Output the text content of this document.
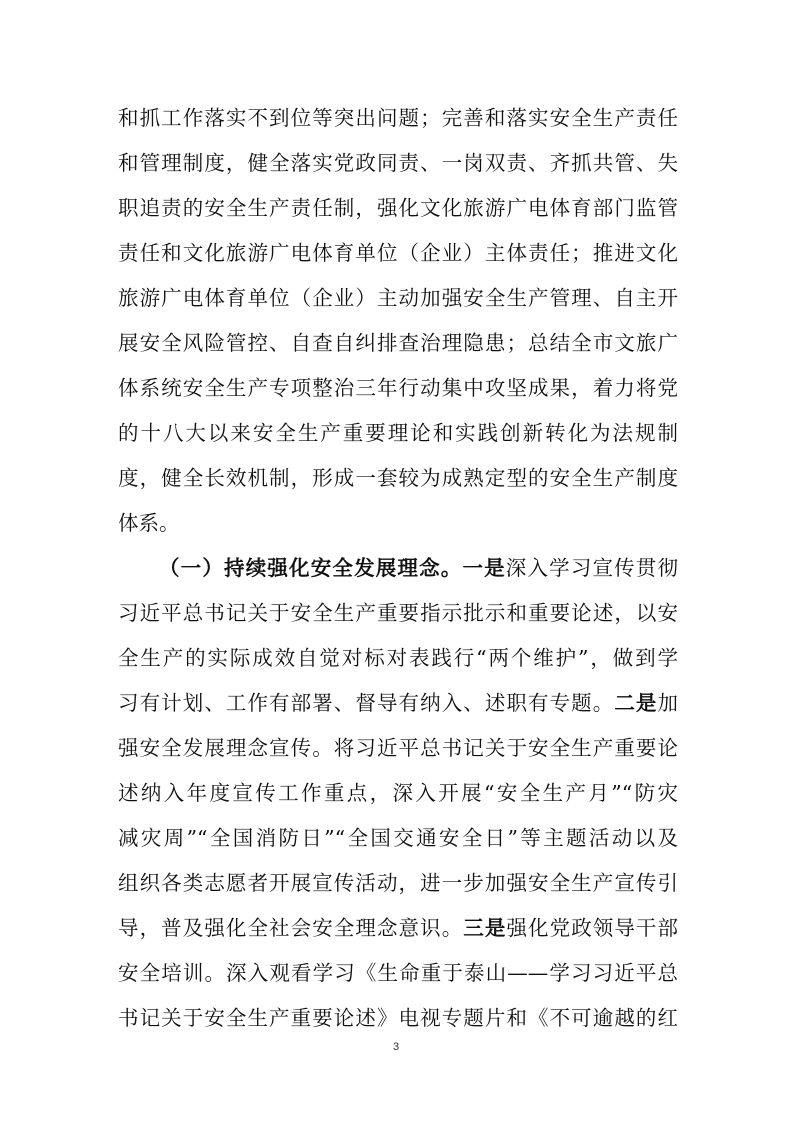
和抓工作落实不到位等突出问题；完善和落实安全生产责任
和管理制度，健全落实党政同责、一岗双责、齐抓共管、失
职追责的安全生产责任制，强化文化旅游广电体育部门监管
责任和文化旅游广电体育单位（企业）主体责任；推进文化
旅游广电体育单位（企业）主动加强安全生产管理、自主开
展安全风险管控、自查自纠排查治理隐患；总结全市文旅广
体系统安全生产专项整治三年行动集中攻坚成果，着力将党
的十八大以来安全生产重要理论和实践创新转化为法规制
度，健全长效机制，形成一套较为成熟定型的安全生产制度
体系。
（一）持续强化安全发展理念。一是深入学习宣传贯彻
习近平总书记关于安全生产重要指示批示和重要论述，以安
全生产的实际成效自觉对标对表践行“两个维护”，做到学
习有计划、工作有部署、督导有纳入、述职有专题。二是加
强安全发展理念宣传。将习近平总书记关于安全生产重要论
述纳入年度宣传工作重点，深入开展“安全生产月”“防灾
减灾周”“全国消防日”“全国交通安全日”等主题活动以及
组织各类志愿者开展宣传活动，进一步加强安全生产宣传引
导，普及强化全社会安全理念意识。三是强化党政领导干部
安全培训。深入观看学习《生命重于泰山——学习习近平总
书记关于安全生产重要论述》电视专题片和《不可逾越的红
3
